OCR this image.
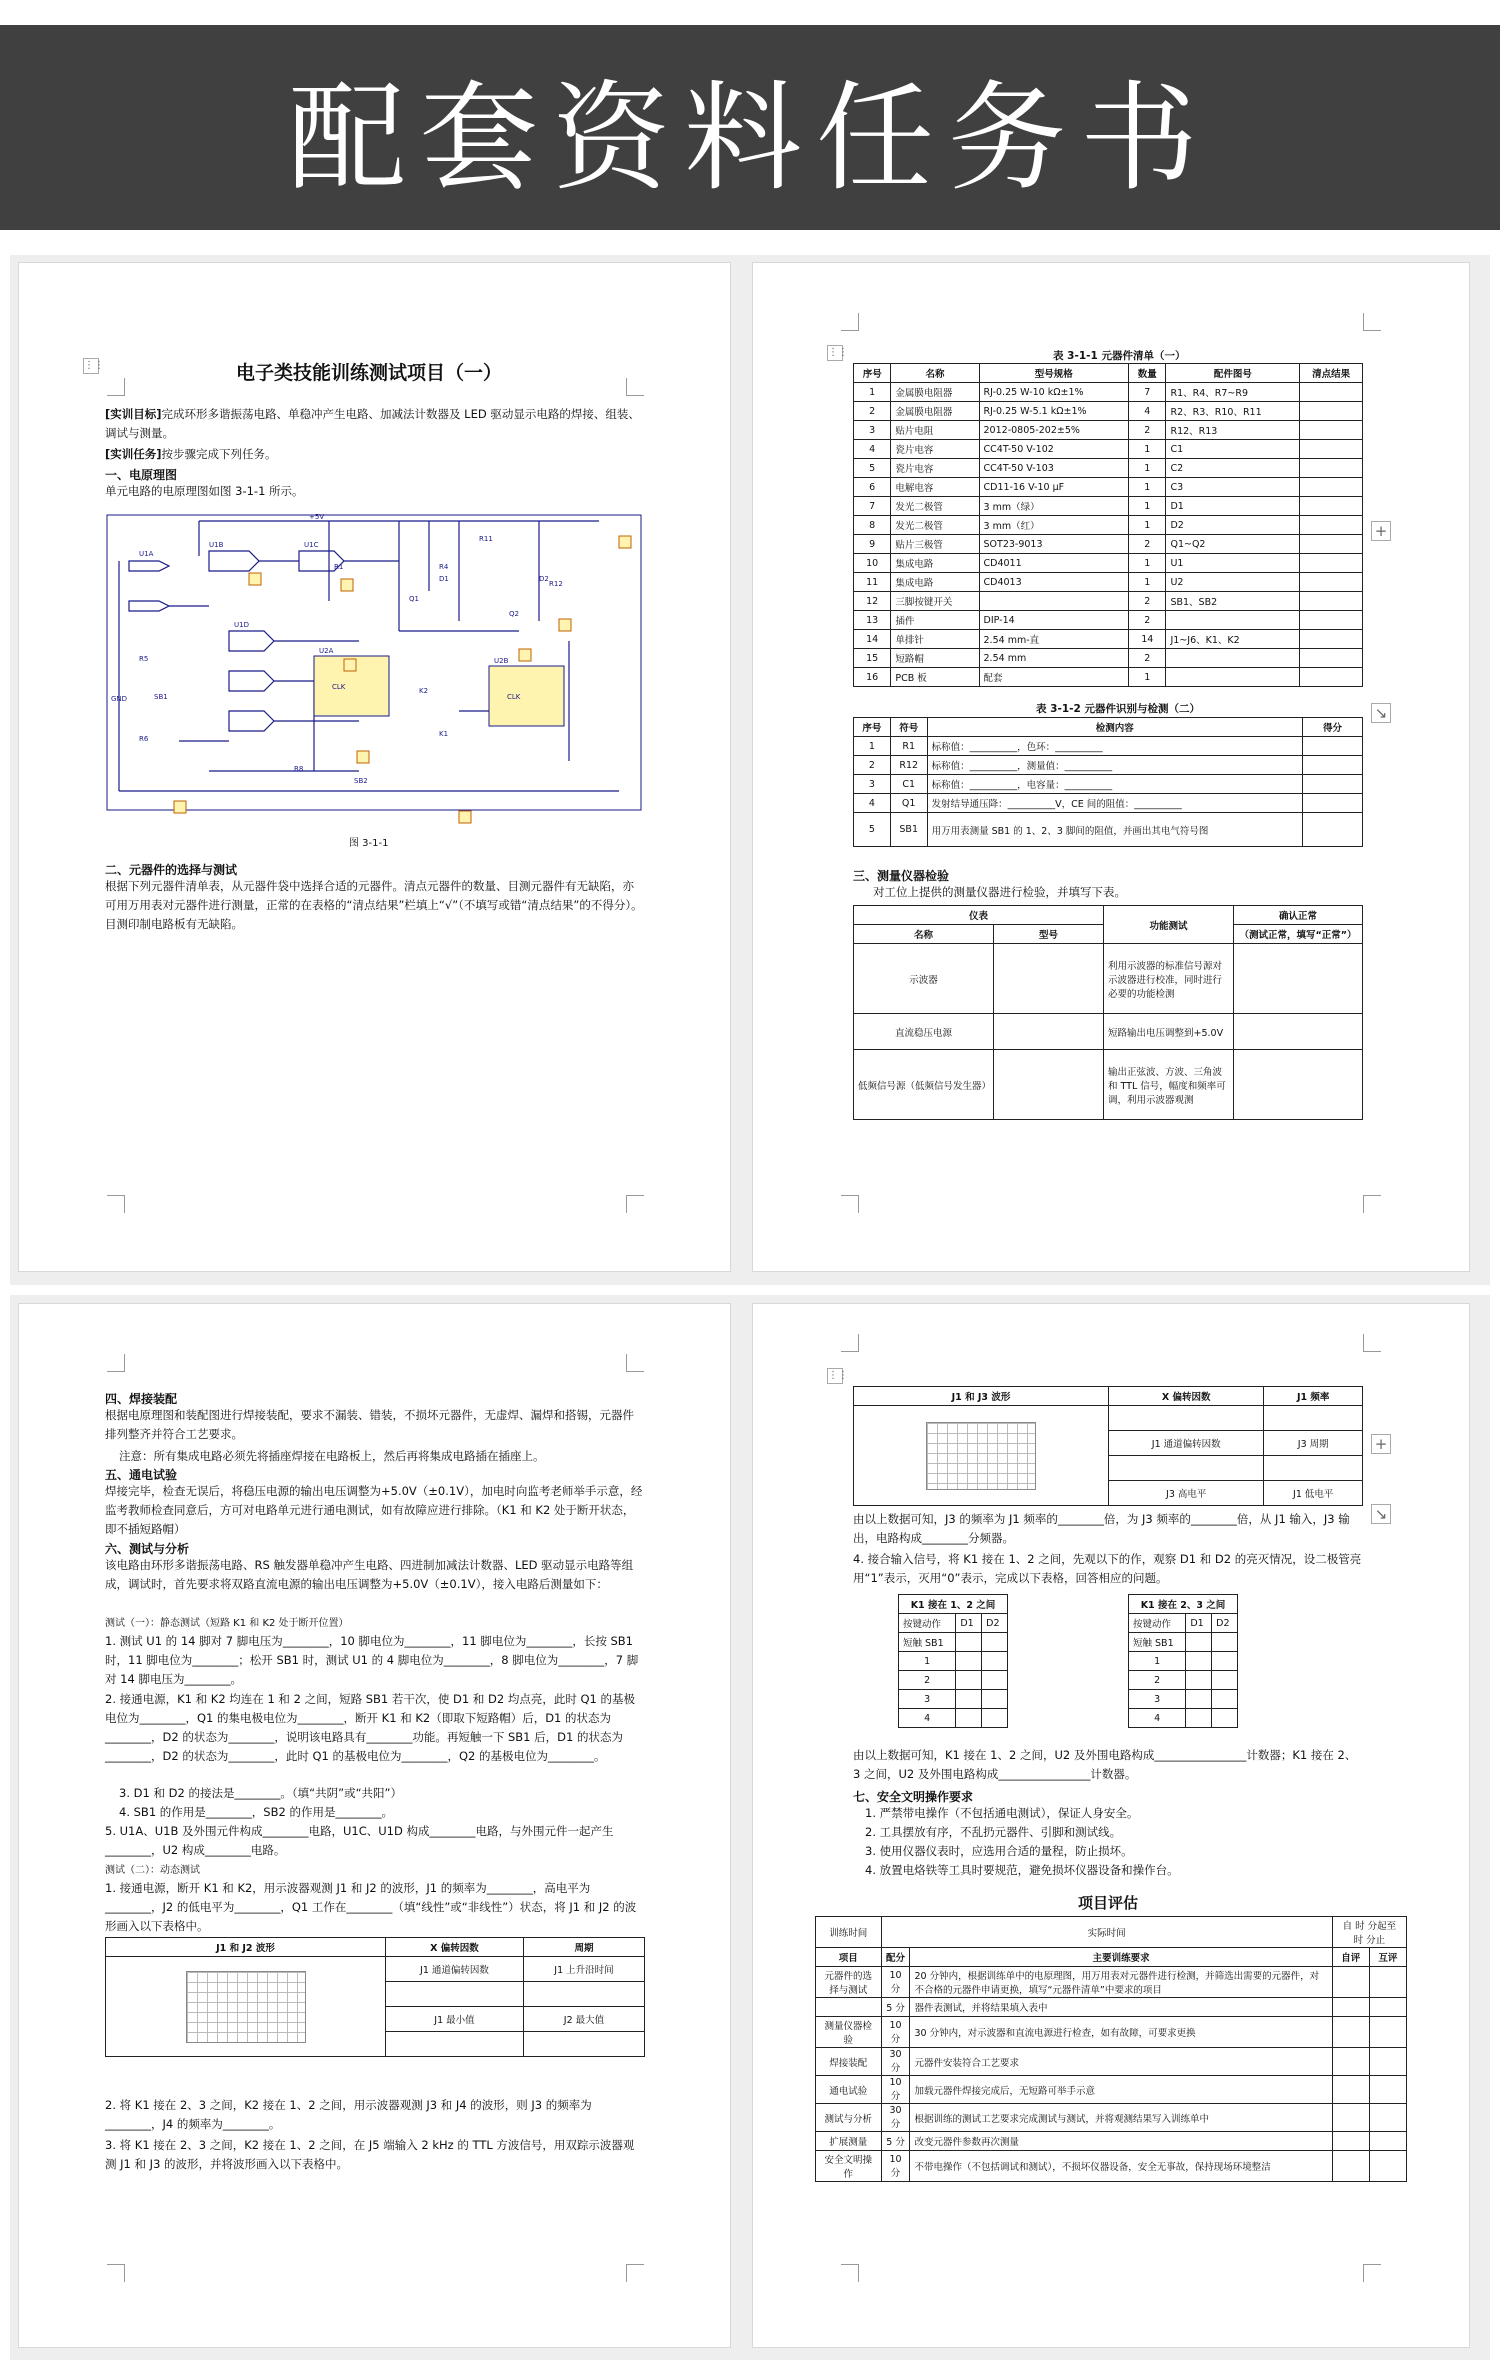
配套资料任务书
⋮⋮	电子类技能训练测试项目（一）
[实训目标]完成环形多谐振荡电路、单稳冲产生电路、加减法计数器及 LED 驱动显示电路的焊接、组装、调试与测量。
[实训任务]按步骤完成下列任务。
一、电原理图
单元电路的电原理图如图 3-1-1 所示。
+5V
U1A
U1B	U1C
U1D
U2A
U2B
CLK
CLK
R1	R4
R11
R12
R5
R6
R8
SB2
SB1
K2
K1
GND
Q1
Q2
D1	D2
图 3-1-1
二、元器件的选择与测试
根据下列元器件清单表，从元器件袋中选择合适的元器件。清点元器件的数量、目测元器件有无缺陷，亦可用万用表对元器件进行测量，正常的在表格的“清点结果”栏填上“√”（不填写或错“清点结果”的不得分）。目测印制电路板有无缺陷。
⋮⋮
+
↘
表 3-1-1 元器件清单（一）
序号	名称	型号规格	数量	配件图号	清点结果
1	金属膜电阻器	RJ-0.25 W-10 kΩ±1%	7	R1、R4、R7~R9	
2	金属膜电阻器	RJ-0.25 W-5.1 kΩ±1%	4	R2、R3、R10、R11	
3	贴片电阻	2012-0805-202±5%	2	R12、R13	
4	瓷片电容	CC4T-50 V-102	1	C1	
5	瓷片电容	CC4T-50 V-103	1	C2	
6	电解电容	CD11-16 V-10 μF	1	C3	
7	发光二极管	3 mm（绿）	1	D1	
8	发光二极管	3 mm（红）	1	D2	
9	贴片三极管	SOT23-9013	2	Q1~Q2	
10	集成电路	CD4011	1	U1	
11	集成电路	CD4013	1	U2	
12	三脚按键开关		2	SB1、SB2	
13	插件	DIP-14	2		
14	单排针	2.54 mm-直	14	J1~J6、K1、K2	
15	短路帽	2.54 mm	2		
16	PCB 板	配套	1		
表 3-1-2 元器件识别与检测（二）
序号	符号	检测内容	得分
1	R1	标称值：__________，色环：__________	
2	R12	标称值：__________，测量值：__________	
3	C1	标称值：__________，电容量：__________	
4	Q1	发射结导通压降：__________V，CE 间的阻值：__________	
5	SB1	用万用表测量 SB1 的 1、2、3 脚间的阻值，并画出其电气符号图	
三、测量仪器检验
对工位上提供的测量仪器进行检验，并填写下表。
仪表		功能测试	确认正常
名称	型号		（测试正常，填写“正常”）
示波器		利用示波器的标准信号源对示波器进行校准，同时进行必要的功能检测	
直流稳压电源		短路输出电压调整到+5.0V	
低频信号源（低频信号发生器）		输出正弦波、方波、三角波和 TTL 信号，幅度和频率可调，利用示波器观测	
四、焊接装配
根据电原理图和装配图进行焊接装配，要求不漏装、错装，不损坏元器件，无虚焊、漏焊和搭锡，元器件排列整齐并符合工艺要求。
注意：所有集成电路必须先将插座焊接在电路板上，然后再将集成电路插在插座上。
五、通电试验
焊接完毕，检查无误后，将稳压电源的输出电压调整为+5.0V（±0.1V），加电时向监考老师举手示意，经监考教师检查同意后，方可对电路单元进行通电测试，如有故障应进行排除。（K1 和 K2 处于断开状态，即不插短路帽）
六、测试与分析
该电路由环形多谐振荡电路、RS 触发器单稳冲产生电路、四进制加减法计数器、LED 驱动显示电路等组成，调试时，首先要求将双路直流电源的输出电压调整为+5.0V（±0.1V），接入电路后测量如下：
测试（一）：静态测试（短路 K1 和 K2 处于断开位置）
1. 测试 U1 的 14 脚对 7 脚电压为________，10 脚电位为________，11 脚电位为________，长按 SB1 时，11 脚电位为________；松开 SB1 时，测试 U1 的 4 脚电位为________，8 脚电位为________，7 脚对 14 脚电压为________。
2. 接通电源，K1 和 K2 均连在 1 和 2 之间，短路 SB1 若干次，使 D1 和 D2 均点亮，此时 Q1 的基极电位为________，Q1 的集电极电位为________，断开 K1 和 K2（即取下短路帽）后，D1 的状态为________，D2 的状态为________，说明该电路具有________功能。再短触一下 SB1 后，D1 的状态为________，D2 的状态为________，此时 Q1 的基极电位为________，Q2 的基极电位为________。
3. D1 和 D2 的接法是________。（填“共阴”或“共阳”）
4. SB1 的作用是________，SB2 的作用是________。
5. U1A、U1B 及外围元件构成________电路，U1C、U1D 构成________电路，与外围元件一起产生________，U2 构成________电路。
测试（二）：动态测试
1. 接通电源，断开 K1 和 K2，用示波器观测 J1 和 J2 的波形，J1 的频率为________，高电平为________，J2 的低电平为________，Q1 工作在________（填“线性”或“非线性”）状态，将 J1 和 J2 的波形画入以下表格中。
J1 和 J2 波形	X 偏转因数	周期

	J1 通道偏转因数	J1 上升沿时间

	J1 最小值	J2 最大值

2. 将 K1 接在 2、3 之间，K2 接在 1、2 之间，用示波器观测 J3 和 J4 的波形，则 J3 的频率为________，J4 的频率为________。
3. 将 K1 接在 2、3 之间，K2 接在 1、2 之间，在 J5 端输入 2 kHz 的 TTL 方波信号，用双踪示波器观测 J1 和 J3 的波形，并将波形画入以下表格中。
⋮⋮
+
↘
J1 和 J3 波形	X 偏转因数	J1 频率

	J1 通道偏转因数	J3 周期

	J3 高电平	J1 低电平
由以上数据可知，J3 的频率为 J1 频率的________倍，为 J3 频率的________倍，从 J1 输入，J3 输出，电路构成________分频器。
4. 接合输入信号，将 K1 接在 1、2 之间，先观以下的作，观察 D1 和 D2 的亮灭情况，设二极管亮用“1”表示，灭用“0”表示，完成以下表格，回答相应的问题。
K1 接在 1、2 之间		
按键动作	D1	D2
短触 SB1		
1		
2		
3		
4		
K1 接在 2、3 之间		
按键动作	D1	D2
短触 SB1		
1		
2		
3		
4		
由以上数据可知，K1 接在 1、2 之间，U2 及外围电路构成________________计数器；K1 接在 2、3 之间，U2 及外围电路构成________________计数器。
七、安全文明操作要求
1. 严禁带电操作（不包括通电测试），保证人身安全。
2. 工具摆放有序，不乱扔元器件、引脚和测试线。
3. 使用仪器仪表时，应选用合适的量程，防止损坏。
4. 放置电烙铁等工具时要规范，避免损坏仪器设备和操作台。
项目评估
训练时间	实际时间		自 时 分起至 时 分止	
项目	配分	主要训练要求	自评	互评
元器件的选择与测试	10 分	20 分钟内，根据训练单中的电原理图，用万用表对元器件进行检测，并筛选出需要的元器件，对不合格的元器件申请更换，填写“元器件清单”中要求的项目		
	5 分	器件表测试，并将结果填入表中		
测量仪器检验	10 分	30 分钟内，对示波器和直流电源进行检查，如有故障，可要求更换		
焊接装配	30 分	元器件安装符合工艺要求		
通电试验	10 分	加载元器件焊接完成后，无短路可举手示意		
测试与分析	30 分	根据训练的测试工艺要求完成测试与测试，并将观测结果写入训练单中		
扩展测量	5 分	改变元器件参数再次测量		
安全文明操作	10 分	不带电操作（不包括调试和测试），不损坏仪器设备，安全无事故，保持现场环境整洁		
